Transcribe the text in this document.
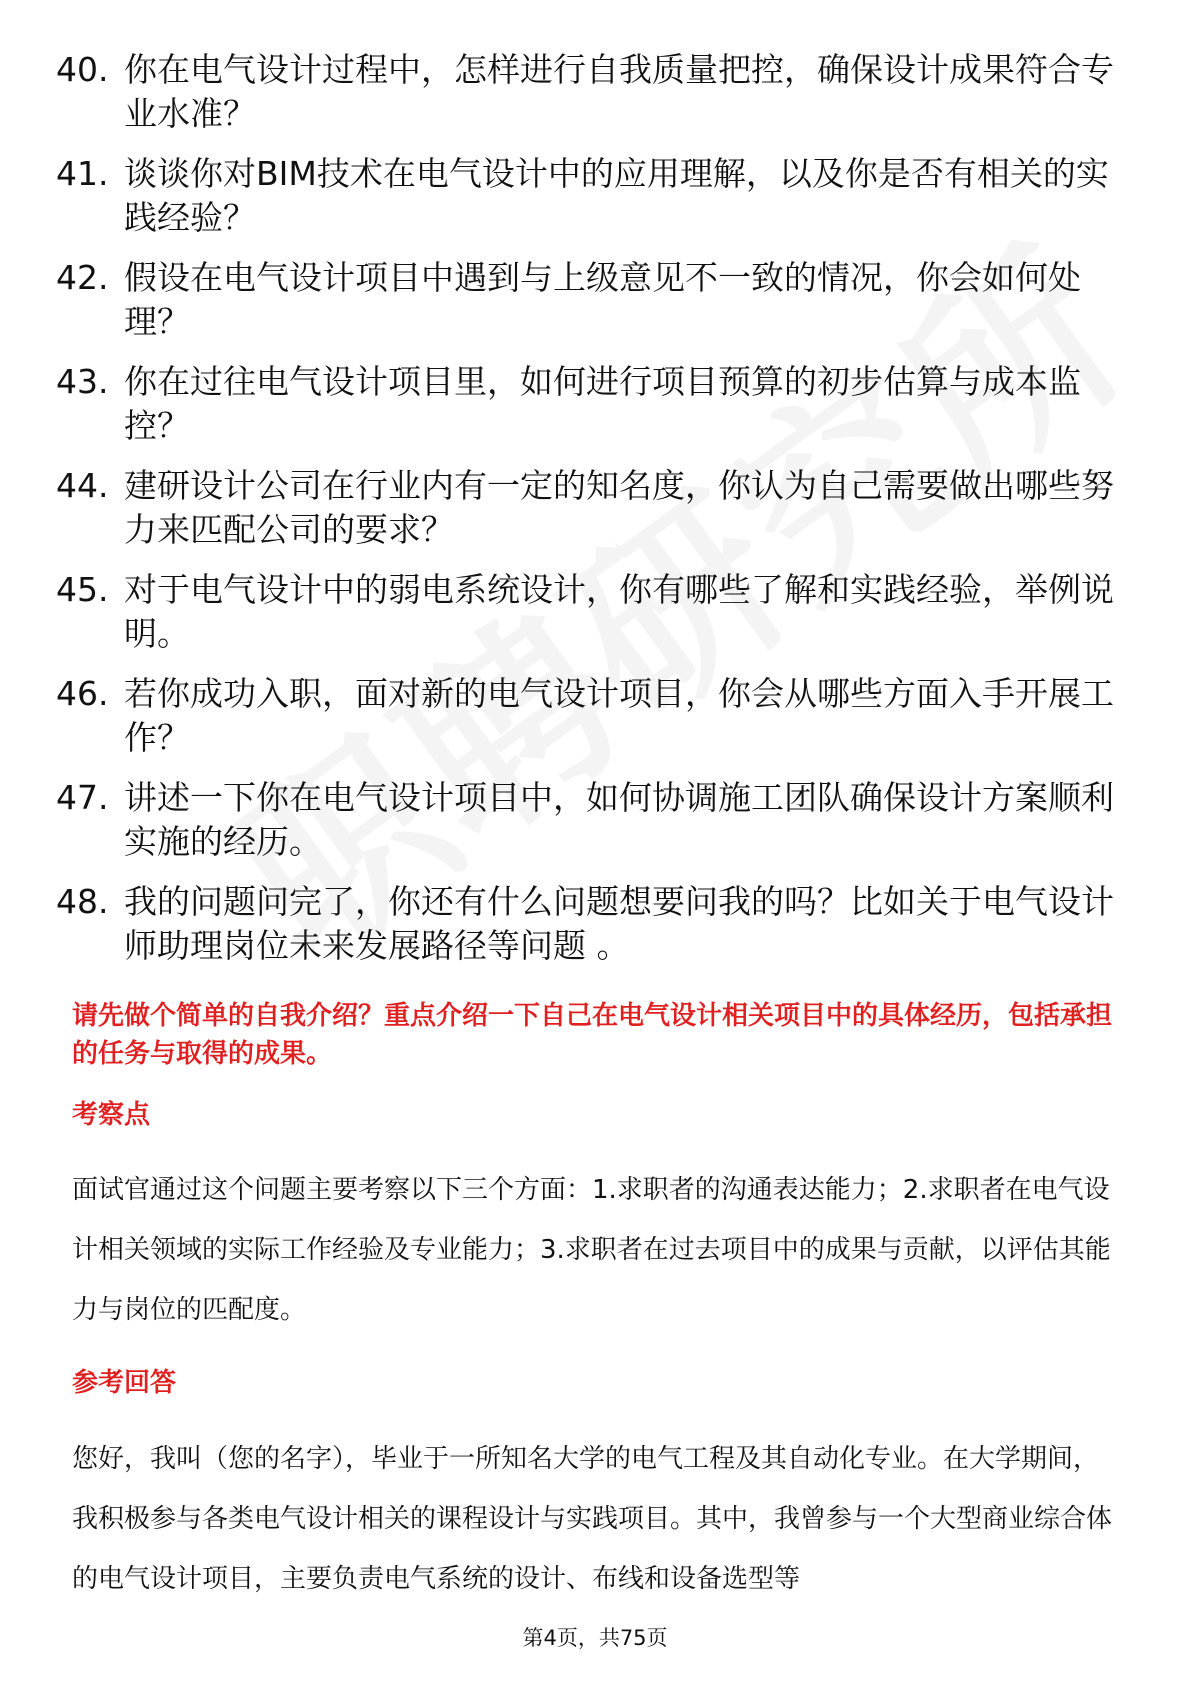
40. 你在电气设计过程中，怎样进行自我质量把控，确保设计成果符合专业水准？
41. 谈谈你对BIM技术在电气设计中的应用理解，以及你是否有相关的实践经验？
42. 假设在电气设计项目中遇到与上级意见不一致的情况，你会如何处理？
43. 你在过往电气设计项目里，如何进行项目预算的初步估算与成本监控？
44. 建研设计公司在行业内有一定的知名度，你认为自己需要做出哪些努力来匹配公司的要求？
45. 对于电气设计中的弱电系统设计，你有哪些了解和实践经验，举例说明。
46. 若你成功入职，面对新的电气设计项目，你会从哪些方面入手开展工作？
47. 讲述一下你在电气设计项目中，如何协调施工团队确保设计方案顺利实施的经历。
48. 我的问题问完了，你还有什么问题想要问我的吗？比如关于电气设计师助理岗位未来发展路径等问题 。
请先做个简单的自我介绍？重点介绍一下自己在电气设计相关项目中的具体经历，包括承担的任务与取得的成果。
考察点
面试官通过这个问题主要考察以下三个方面：1.求职者的沟通表达能力；2.求职者在电气设计相关领域的实际工作经验及专业能力；3.求职者在过去项目中的成果与贡献，以评估其能力与岗位的匹配度。
参考回答
您好，我叫（您的名字），毕业于一所知名大学的电气工程及其自动化专业。在大学期间，我积极参与各类电气设计相关的课程设计与实践项目。其中，我曾参与一个大型商业综合体的电气设计项目，主要负责电气系统的设计、布线和设备选型等
第4页，共75页
